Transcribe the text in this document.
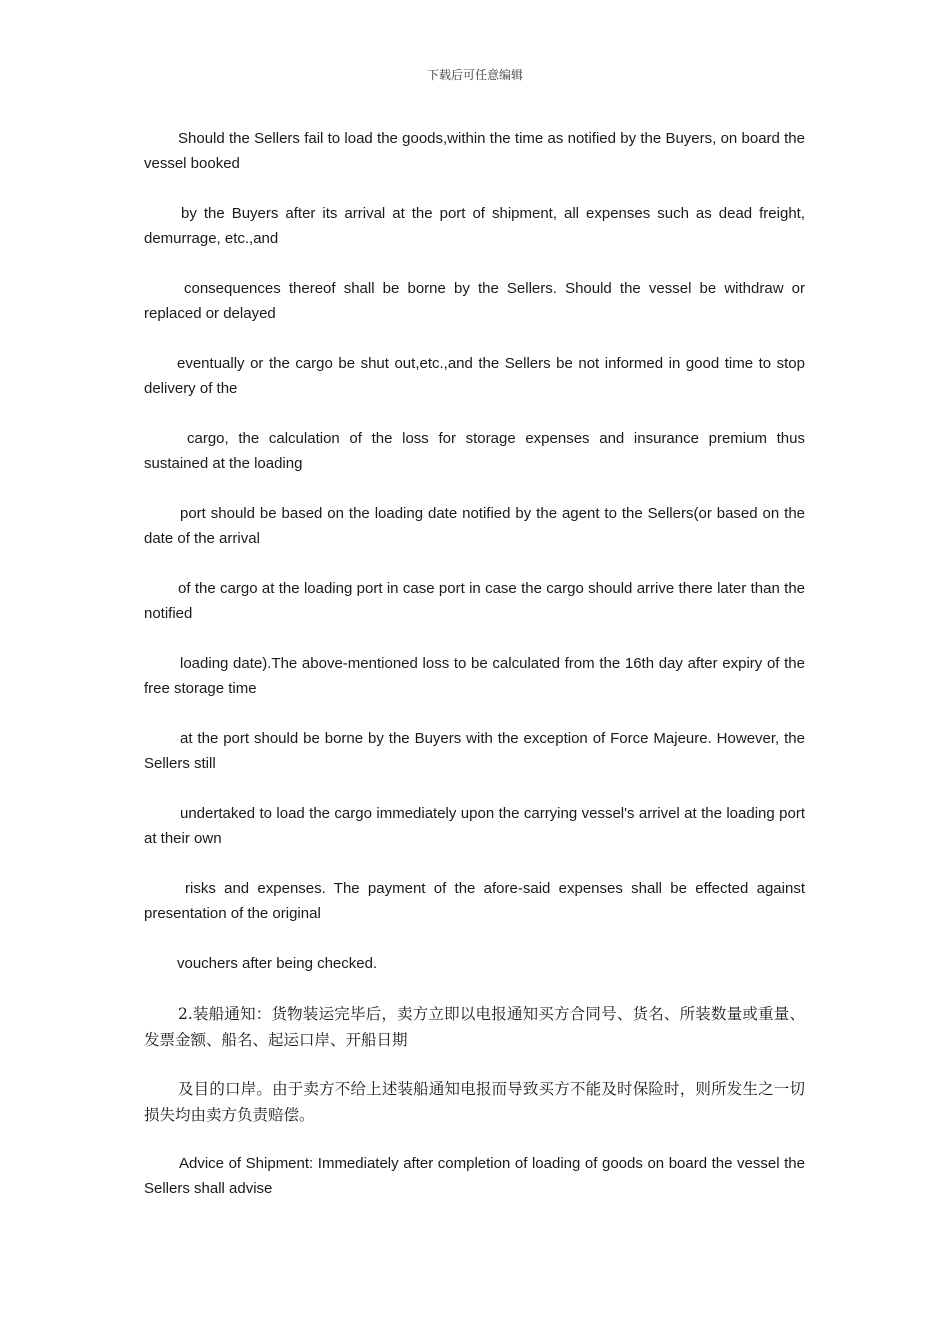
下载后可任意编辑

Should the Sellers fail to load the goods,within the time as notified by the Buyers, on board the vessel booked

by the Buyers after its arrival at the port of shipment, all expenses such as dead freight, demurrage, etc.,and

consequences thereof shall be borne by the Sellers. Should the vessel be withdraw or replaced or delayed

eventually or the cargo be shut out,etc.,and the Sellers be not informed in good time to stop delivery of the

cargo, the calculation of the loss for storage expenses and insurance premium thus sustained at the loading

port should be based on the loading date notified by the agent to the Sellers(or based on the date of the arrival

of the cargo at the loading port in case port in case the cargo should arrive there later than the notified

loading date).The above-mentioned loss to be calculated from the 16th day after expiry of the free storage time

at the port should be borne by the Buyers with the exception of Force Majeure. However, the Sellers still

undertaked to load the cargo immediately upon the carrying vessel's arrivel at the loading port at their own

risks and expenses. The payment of the afore-said expenses shall be effected against presentation of the original

vouchers after being checked.

2.装船通知：货物装运完毕后，卖方立即以电报通知买方合同号、货名、所装数量或重量、发票金额、船名、起运口岸、开船日期

及目的口岸。由于卖方不给上述装船通知电报而导致买方不能及时保险时，则所发生之一切损失均由卖方负责赔偿。

Advice of Shipment: Immediately after completion of loading of goods on board the vessel the Sellers shall advise
